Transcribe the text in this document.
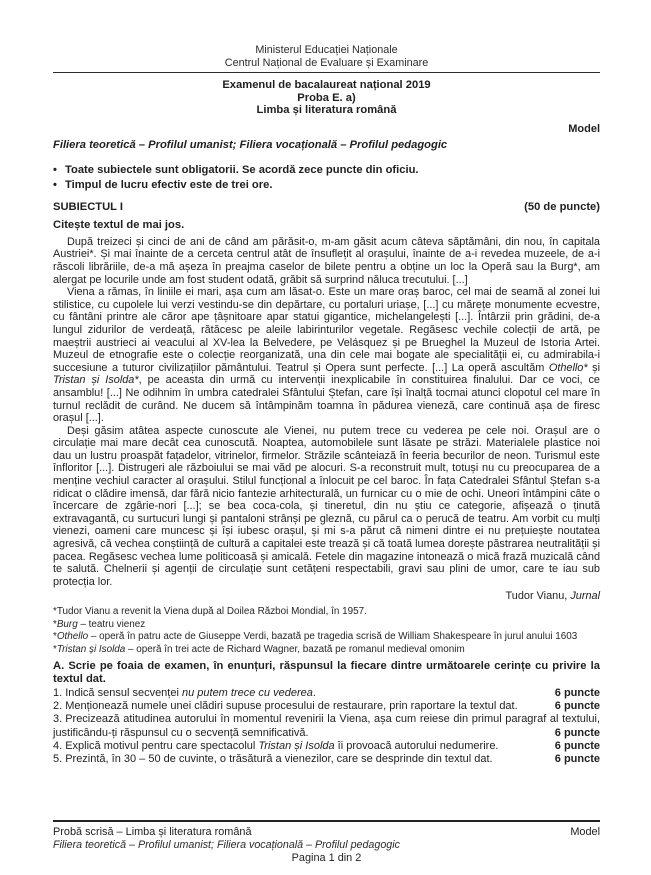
Ministerul Educației Naționale
Centrul Național de Evaluare și Examinare
Examenul de bacalaureat național 2019
Proba E. a)
Limba și literatura română
Model
Filiera teoretică – Profilul umanist; Filiera vocațională – Profilul pedagogic
• Toate subiectele sunt obligatorii. Se acordă zece puncte din oficiu.
• Timpul de lucru efectiv este de trei ore.
SUBIECTUL I	(50 de puncte)
Citește textul de mai jos.

După treizeci și cinci de ani de când am părăsit-o, m-am găsit acum câteva săptămâni, din nou, în capitala Austriei*. Și mai înainte de a cerceta centrul atât de însuflețit al orașului, înainte de a-i revedea muzeele, de a-i răscoli librăriile, de-a mă așeza în preajma caselor de bilete pentru a obține un loc la Operă sau la Burg*, am alergat pe locurile unde am fost student odată, grăbit să surprind năluca trecutului. [...]

Viena a rămas, în liniile ei mari, așa cum am lăsat-o. Este un mare oraș baroc, cel mai de seamă al zonei lui stilistice, cu cupolele lui verzi vestindu-se din depărtare, cu portaluri uriașe, [...] cu mărețe monumente ecvestre, cu fântâni printre ale căror ape țâșnitoare apar statui gigantice, michelangelești [...]. Întârzii prin grădini, de-a lungul zidurilor de verdeață, rătăcesc pe aleile labirinturilor vegetale. Regăsesc vechile colecții de artă, pe maeștrii austrieci ai veacului al XV-lea la Belvedere, pe Velásquez și pe Brueghel la Muzeul de Istoria Artei. Muzeul de etnografie este o colecție reorganizată, una din cele mai bogate ale specialității ei, cu admirabila-i succesiune a tuturor civilizațiilor pământului. Teatrul și Opera sunt perfecte. [...] La operă ascultăm Othello* și Tristan și Isolda*, pe aceasta din urmă cu intervenții inexplicabile în constituirea finalului. Dar ce voci, ce ansamblu! [...] Ne odihnim în umbra catedralei Sfântului Ștefan, care își înalță tocmai atunci clopotul cel mare în turnul reclădit de curând. Ne ducem să întâmpinăm toamna în pădurea vieneză, care continuă așa de firesc orașul [...].

Deși găsim atâtea aspecte cunoscute ale Vienei, nu putem trece cu vederea pe cele noi. Orașul are o circulație mai mare decât cea cunoscută. Noaptea, automobilele sunt lăsate pe străzi. Materialele plastice noi dau un lustru proaspăt fațadelor, vitrinelor, firmelor. Străzile scânteiază în feeria becurilor de neon. Turismul este înfloritor [...]. Distrugeri ale războiului se mai văd pe alocuri. S-a reconstruit mult, totuși nu cu preocuparea de a menține vechiul caracter al orașului. Stilul funcțional a înlocuit pe cel baroc. În fața Catedralei Sfântul Ștefan s-a ridicat o clădire imensă, dar fără nicio fantezie arhitecturală, un furnicar cu o mie de ochi. Uneori întâmpini câte o încercare de zgârie-nori [...]; se bea coca-cola, și tineretul, din nu știu ce categorie, afișează o ținută extravagantă, cu surtucuri lungi și pantaloni strânși pe gleznă, cu părul ca o perucă de teatru. Am vorbit cu mulți vienezi, oameni care muncesc și își iubesc orașul, și mi s-a părut că nimeni dintre ei nu prețuiește noutatea agresivă, că vechea conștiință de cultură a capitalei este trează și că toată lumea dorește păstrarea neutralității și pacea. Regăsesc vechea lume politicoasă și amicală. Fetele din magazine intonează o mică frază muzicală când te salută. Chelnerii și agenții de circulație sunt cetățeni respectabili, gravi sau plini de umor, care te iau sub protecția lor.

Tudor Vianu, Jurnal
*Tudor Vianu a revenit la Viena după al Doilea Război Mondial, în 1957.
*Burg – teatru vienez
*Othello – operă în patru acte de Giuseppe Verdi, bazată pe tragedia scrisă de William Shakespeare în jurul anului 1603
*Tristan și Isolda – operă în trei acte de Richard Wagner, bazată pe romanul medieval omonim
A. Scrie pe foaia de examen, în enunțuri, răspunsul la fiecare dintre următoarele cerințe cu privire la textul dat.
1. Indică sensul secvenței nu putem trece cu vederea.	6 puncte
2. Menționează numele unei clădiri supuse procesului de restaurare, prin raportare la textul dat.	6 puncte
3. Precizează atitudinea autorului în momentul revenirii la Viena, așa cum reiese din primul paragraf al textului, justificându-ți răspunsul cu o secvență semnificativă.	6 puncte
4. Explică motivul pentru care spectacolul Tristan și Isolda îi provoacă autorului nedumerire.	6 puncte
5. Prezintă, în 30 – 50 de cuvinte, o trăsătură a vienezilor, care se desprinde din textul dat.	6 puncte
Probă scrisă – Limba și literatura română	Model
Filiera teoretică – Profilul umanist; Filiera vocațională – Profilul pedagogic
Pagina 1 din 2
